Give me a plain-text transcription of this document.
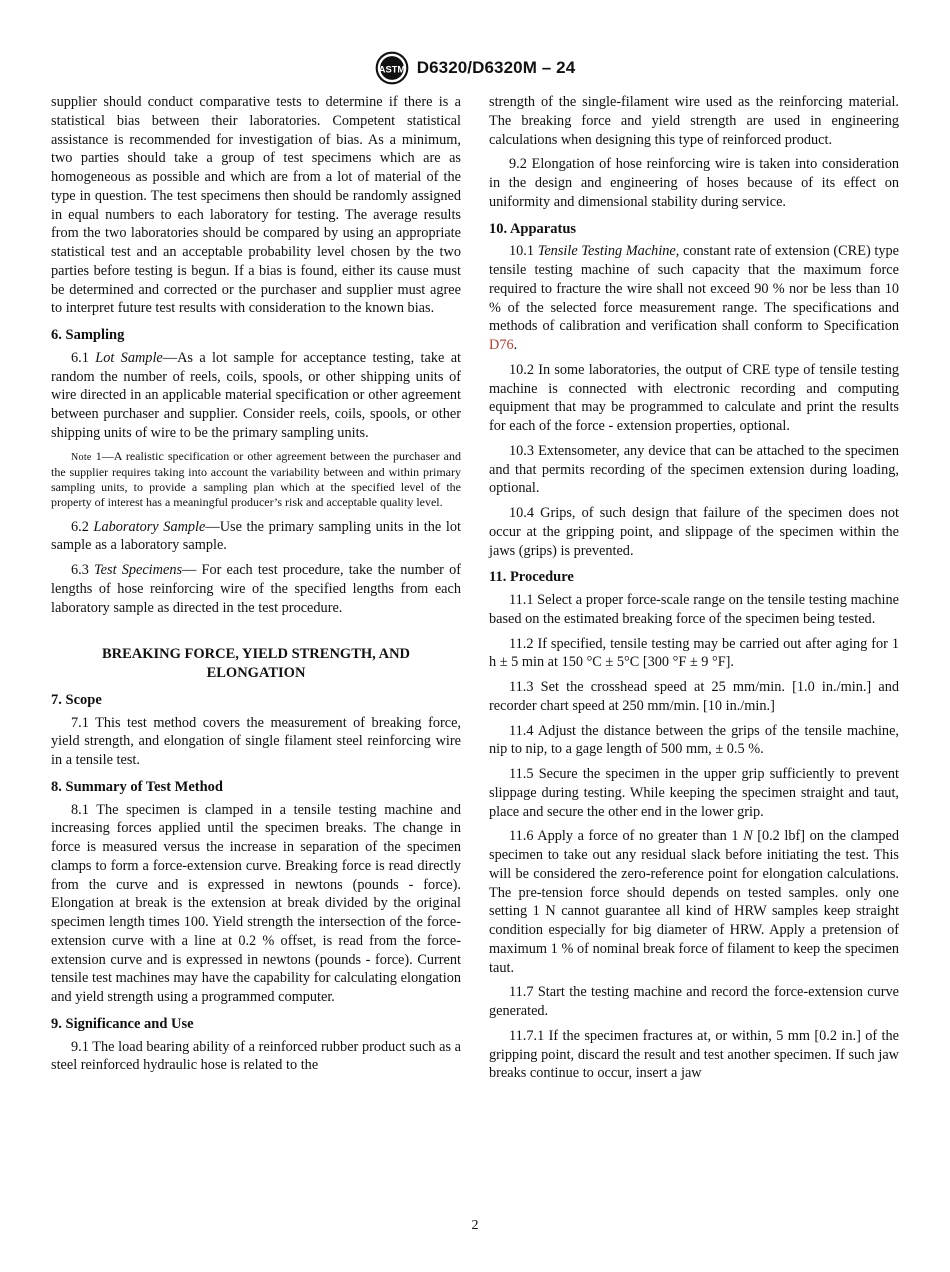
ASTM D6320/D6320M – 24

supplier should conduct comparative tests to determine if there is a statistical bias between their laboratories. Competent statistical assistance is recommended for investigation of bias. As a minimum, two parties should take a group of test specimens which are as homogeneous as possible and which are from a lot of material of the type in question. The test specimens then should be randomly assigned in equal numbers to each laboratory for testing. The average results from the two laboratories should be compared by using an appropriate statistical test and an acceptable probability level chosen by the two parties before testing is begun. If a bias is found, either its cause must be determined and corrected or the purchaser and supplier must agree to interpret future test results with consideration to the known bias.

6. Sampling

6.1 Lot Sample—As a lot sample for acceptance testing, take at random the number of reels, coils, spools, or other shipping units of wire directed in an applicable material specification or other agreement between purchaser and supplier. Consider reels, coils, spools, or other shipping units of wire to be the primary sampling units.

Note 1—A realistic specification or other agreement between the purchaser and the supplier requires taking into account the variability between and within primary sampling units, to provide a sampling plan which at the specified level of the property of interest has a meaningful producer’s risk and acceptable quality level.

6.2 Laboratory Sample—Use the primary sampling units in the lot sample as a laboratory sample.

6.3 Test Specimens— For each test procedure, take the number of lengths of hose reinforcing wire of the specified lengths from each laboratory sample as directed in the test procedure.

BREAKING FORCE, YIELD STRENGTH, AND ELONGATION
7. Scope

7.1 This test method covers the measurement of breaking force, yield strength, and elongation of single filament steel reinforcing wire in a tensile test.

8. Summary of Test Method

8.1 The specimen is clamped in a tensile testing machine and increasing forces applied until the specimen breaks. The change in force is measured versus the increase in separation of the specimen clamps to form a force-extension curve. Breaking force is read directly from the curve and is expressed in newtons (pounds - force). Elongation at break is the extension at break divided by the original specimen length times 100. Yield strength the intersection of the force-extension curve with a line at 0.2 % offset, is read from the force-extension curve and is expressed in newtons (pounds - force). Current tensile test machines may have the capability for calculating elongation and yield strength using a programmed computer.

9. Significance and Use

9.1 The load bearing ability of a reinforced rubber product such as a steel reinforced hydraulic hose is related to the

strength of the single-filament wire used as the reinforcing material. The breaking force and yield strength are used in engineering calculations when designing this type of reinforced product.

9.2 Elongation of hose reinforcing wire is taken into consideration in the design and engineering of hoses because of its effect on uniformity and dimensional stability during service.

10. Apparatus

10.1 Tensile Testing Machine, constant rate of extension (CRE) type tensile testing machine of such capacity that the maximum force required to fracture the wire shall not exceed 90 % nor be less than 10 % of the selected force measurement range. The specifications and methods of calibration and verification shall conform to Specification D76.

10.2 In some laboratories, the output of CRE type of tensile testing machine is connected with electronic recording and computing equipment that may be programmed to calculate and print the results for each of the force - extension properties, optional.

10.3 Extensometer, any device that can be attached to the specimen and that permits recording of the specimen extension during loading, optional.

10.4 Grips, of such design that failure of the specimen does not occur at the gripping point, and slippage of the specimen within the jaws (grips) is prevented.

11. Procedure

11.1 Select a proper force-scale range on the tensile testing machine based on the estimated breaking force of the specimen being tested.

11.2 If specified, tensile testing may be carried out after aging for 1 h ± 5 min at 150 °C ± 5°C [300 °F ± 9 °F].

11.3 Set the crosshead speed at 25 mm/min. [1.0 in./min.] and recorder chart speed at 250 mm/min. [10 in./min.]

11.4 Adjust the distance between the grips of the tensile machine, nip to nip, to a gage length of 500 mm, ± 0.5 %.

11.5 Secure the specimen in the upper grip sufficiently to prevent slippage during testing. While keeping the specimen straight and taut, place and secure the other end in the lower grip.

11.6 Apply a force of no greater than 1 N [0.2 lbf] on the clamped specimen to take out any residual slack before initiating the test. This will be considered the zero-reference point for elongation calculations. The pre-tension force should depends on tested samples. only one setting 1 N cannot guarantee all kind of HRW samples keep straight condition especially for big diameter of HRW. Apply a pretension of maximum 1 % of nominal break force of filament to keep the specimen taut.

11.7 Start the testing machine and record the force-extension curve generated.

11.7.1 If the specimen fractures at, or within, 5 mm [0.2 in.] of the gripping point, discard the result and test another specimen. If such jaw breaks continue to occur, insert a jaw

2
